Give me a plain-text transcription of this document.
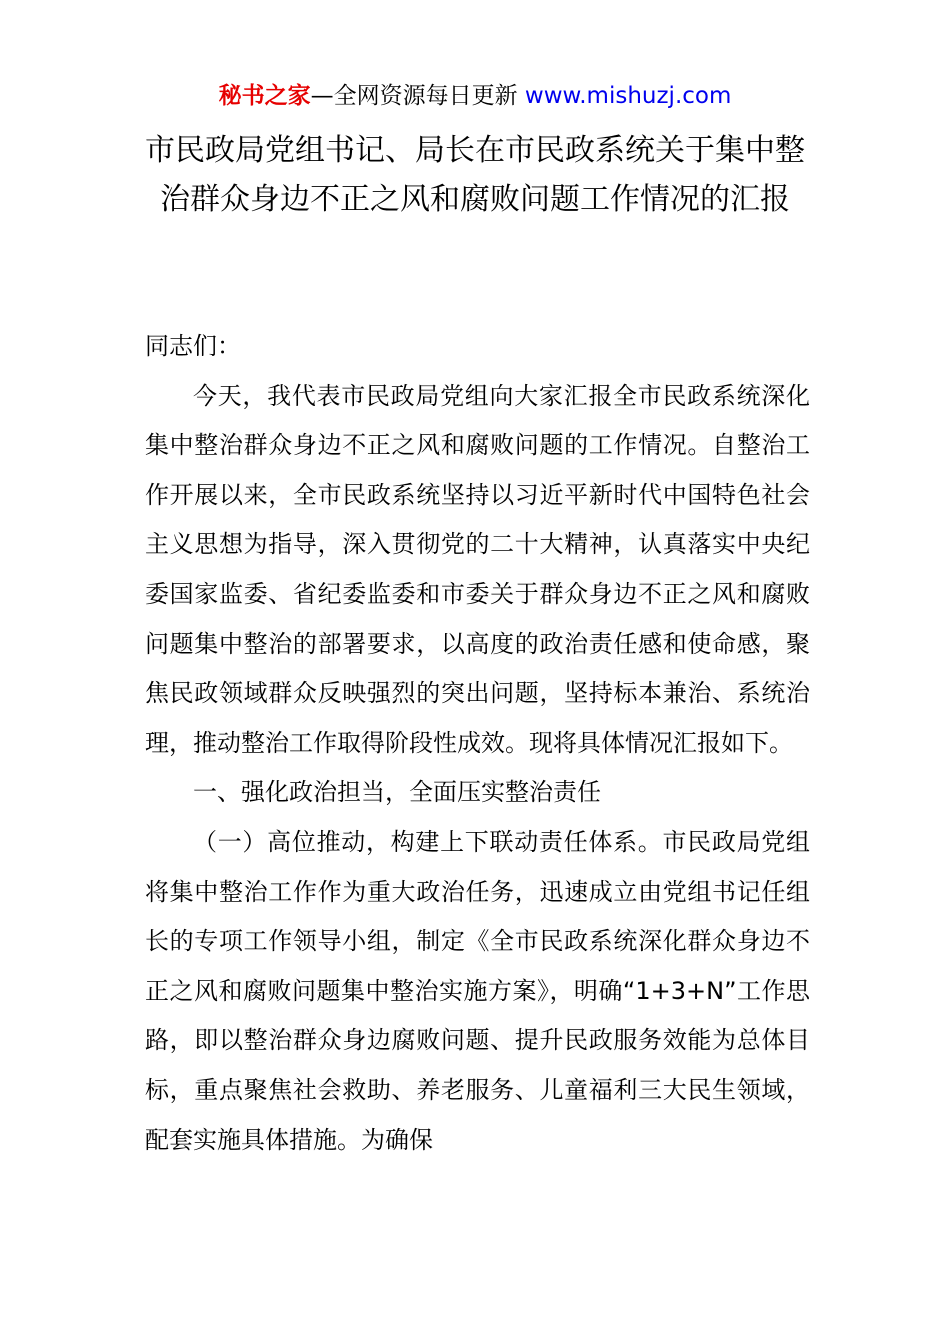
秘书之家—全网资源每日更新 www.mishuzj.com
市民政局党组书记、局长在市民政系统关于集中整治群众身边不正之风和腐败问题工作情况的汇报

同志们：

今天，我代表市民政局党组向大家汇报全市民政系统深化集中整治群众身边不正之风和腐败问题的工作情况。自整治工作开展以来，全市民政系统坚持以习近平新时代中国特色社会主义思想为指导，深入贯彻党的二十大精神，认真落实中央纪委国家监委、省纪委监委和市委关于群众身边不正之风和腐败问题集中整治的部署要求，以高度的政治责任感和使命感，聚焦民政领域群众反映强烈的突出问题，坚持标本兼治、系统治理，推动整治工作取得阶段性成效。现将具体情况汇报如下。

一、强化政治担当，全面压实整治责任

（一）高位推动，构建上下联动责任体系。市民政局党组将集中整治工作作为重大政治任务，迅速成立由党组书记任组长的专项工作领导小组，制定《全市民政系统深化群众身边不正之风和腐败问题集中整治实施方案》，明确“1+3+N”工作思路，即以整治群众身边腐败问题、提升民政服务效能为总体目标，重点聚焦社会救助、养老服务、儿童福利三大民生领域，配套实施具体措施。为确保
